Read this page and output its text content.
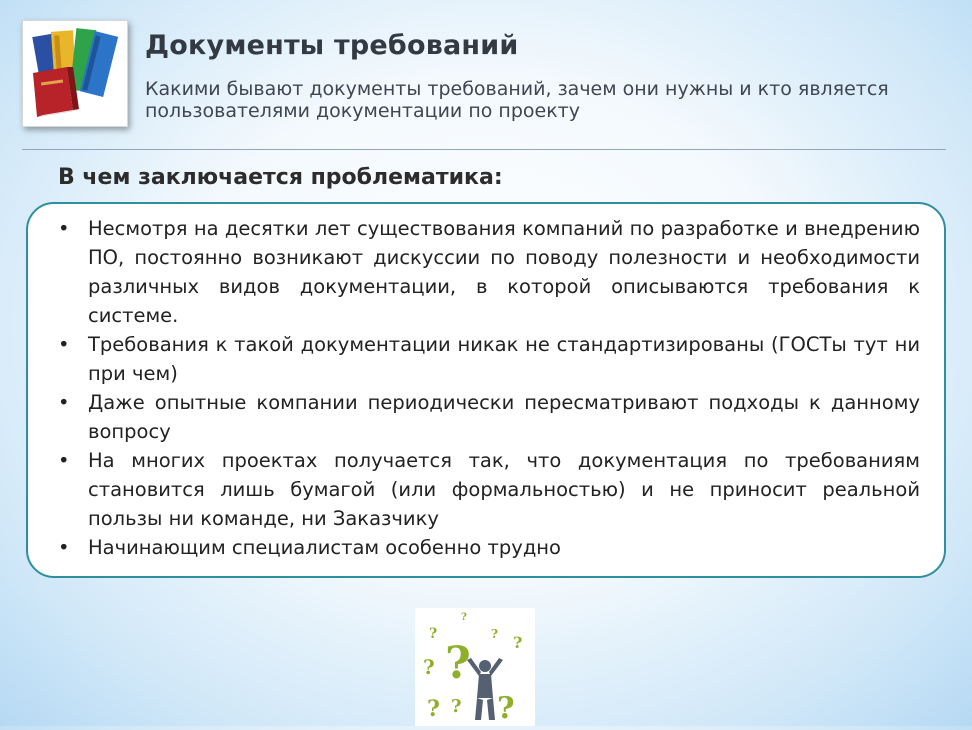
Документы требований

Какими бывают документы требований, зачем они нужны и кто является пользователями документации по проекту

В чем заключается проблематика:
• Несмотря на десятки лет существования компаний по разработке и внедрению ПО, постоянно возникают дискуссии по поводу полезности и необходимости различных видов документации, в которой описываются требования к системе.
• Требования к такой документации никак не стандартизированы (ГОСТы тут ни при чем)
• Даже опытные компании периодически пересматривают подходы к данному вопросу
• На многих проектах получается так, что документация по требованиям становится лишь бумагой (или формальностью) и не приносит реальной пользы ни команде, ни Заказчику
• Начинающим специалистам особенно трудно
?
?
?
? ?
?
?
?
?
